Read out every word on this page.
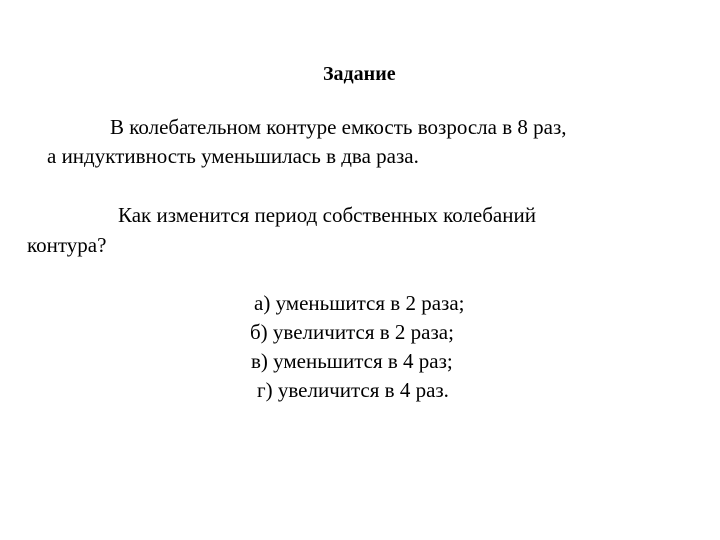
Задание
В колебательном контуре емкость возросла в 8 раз,
а индуктивность уменьшилась в два раза.
Как изменится период собственных колебаний
контура?
а) уменьшится в 2 раза;
б) увеличится в 2 раза;
в) уменьшится в 4 раз;
г) увеличится в 4 раз.
